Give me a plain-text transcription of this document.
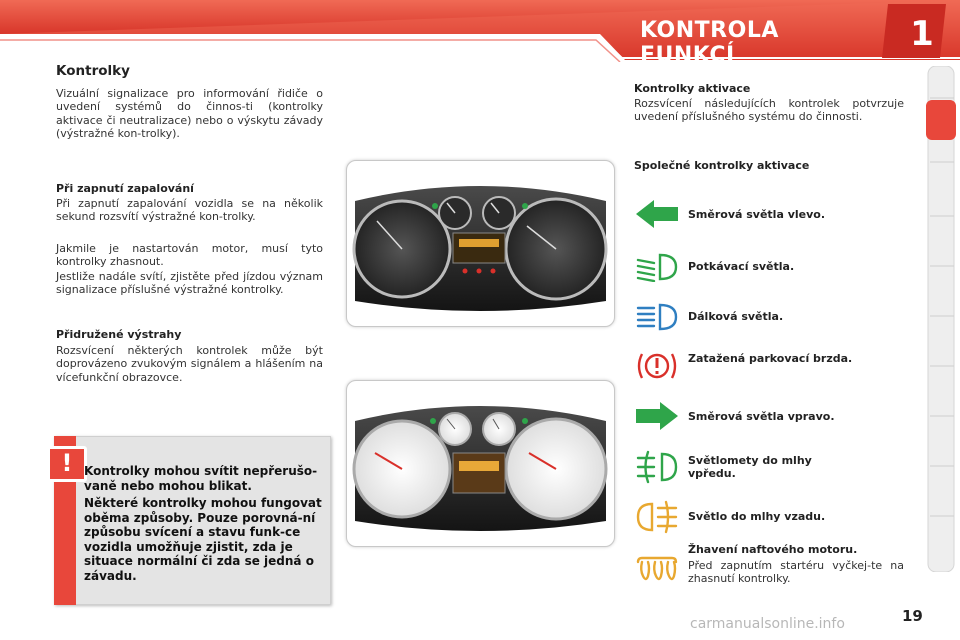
KONTROLA FUNKCÍ
1
Kontrolky

Vizuální signalizace pro informování řidiče o uvedení systémů do činnos-ti (kontrolky aktivace či neutralizace) nebo o výskytu závady (výstražné kon-trolky).

Při zapnutí zapalování

Při zapnutí zapalování vozidla se na několik sekund rozsvítí výstražné kon-trolky.

Jakmile je nastartován motor, musí tyto kontrolky zhasnout.

Jestliže nadále svítí, zjistěte před jízdou význam signalizace příslušné výstražné kontrolky.

Přidružené výstrahy

Rozsvícení některých kontrolek může být doprovázeno zvukovým signálem a hlášením na vícefunkční obrazovce.

! Kontrolky mohou svítit nepřerušo-vaně nebo mohou blikat.

Některé kontrolky mohou fungovat oběma způsoby. Pouze porovná-ní způsobu svícení a stavu funk-ce vozidla umožňuje zjistit, zda je situace normální či zda se jedná o závadu.

Kontrolky aktivace

Rozsvícení následujících kontrolek potvrzuje uvedení příslušného systému do činnosti.

Společné kontrolky aktivace
Směrová světla vlevo.
Potkávací světla.
Dálková světla.
Zatažená parkovací brzda.
Směrová světla vpravo.
Světlomety do mlhy vpředu.
Světlo do mlhy vzadu.
Žhavení naftového motoru.

Před zapnutím startéru vyčkej-te na zhasnutí kontrolky.

19
carmanualsonline.info
